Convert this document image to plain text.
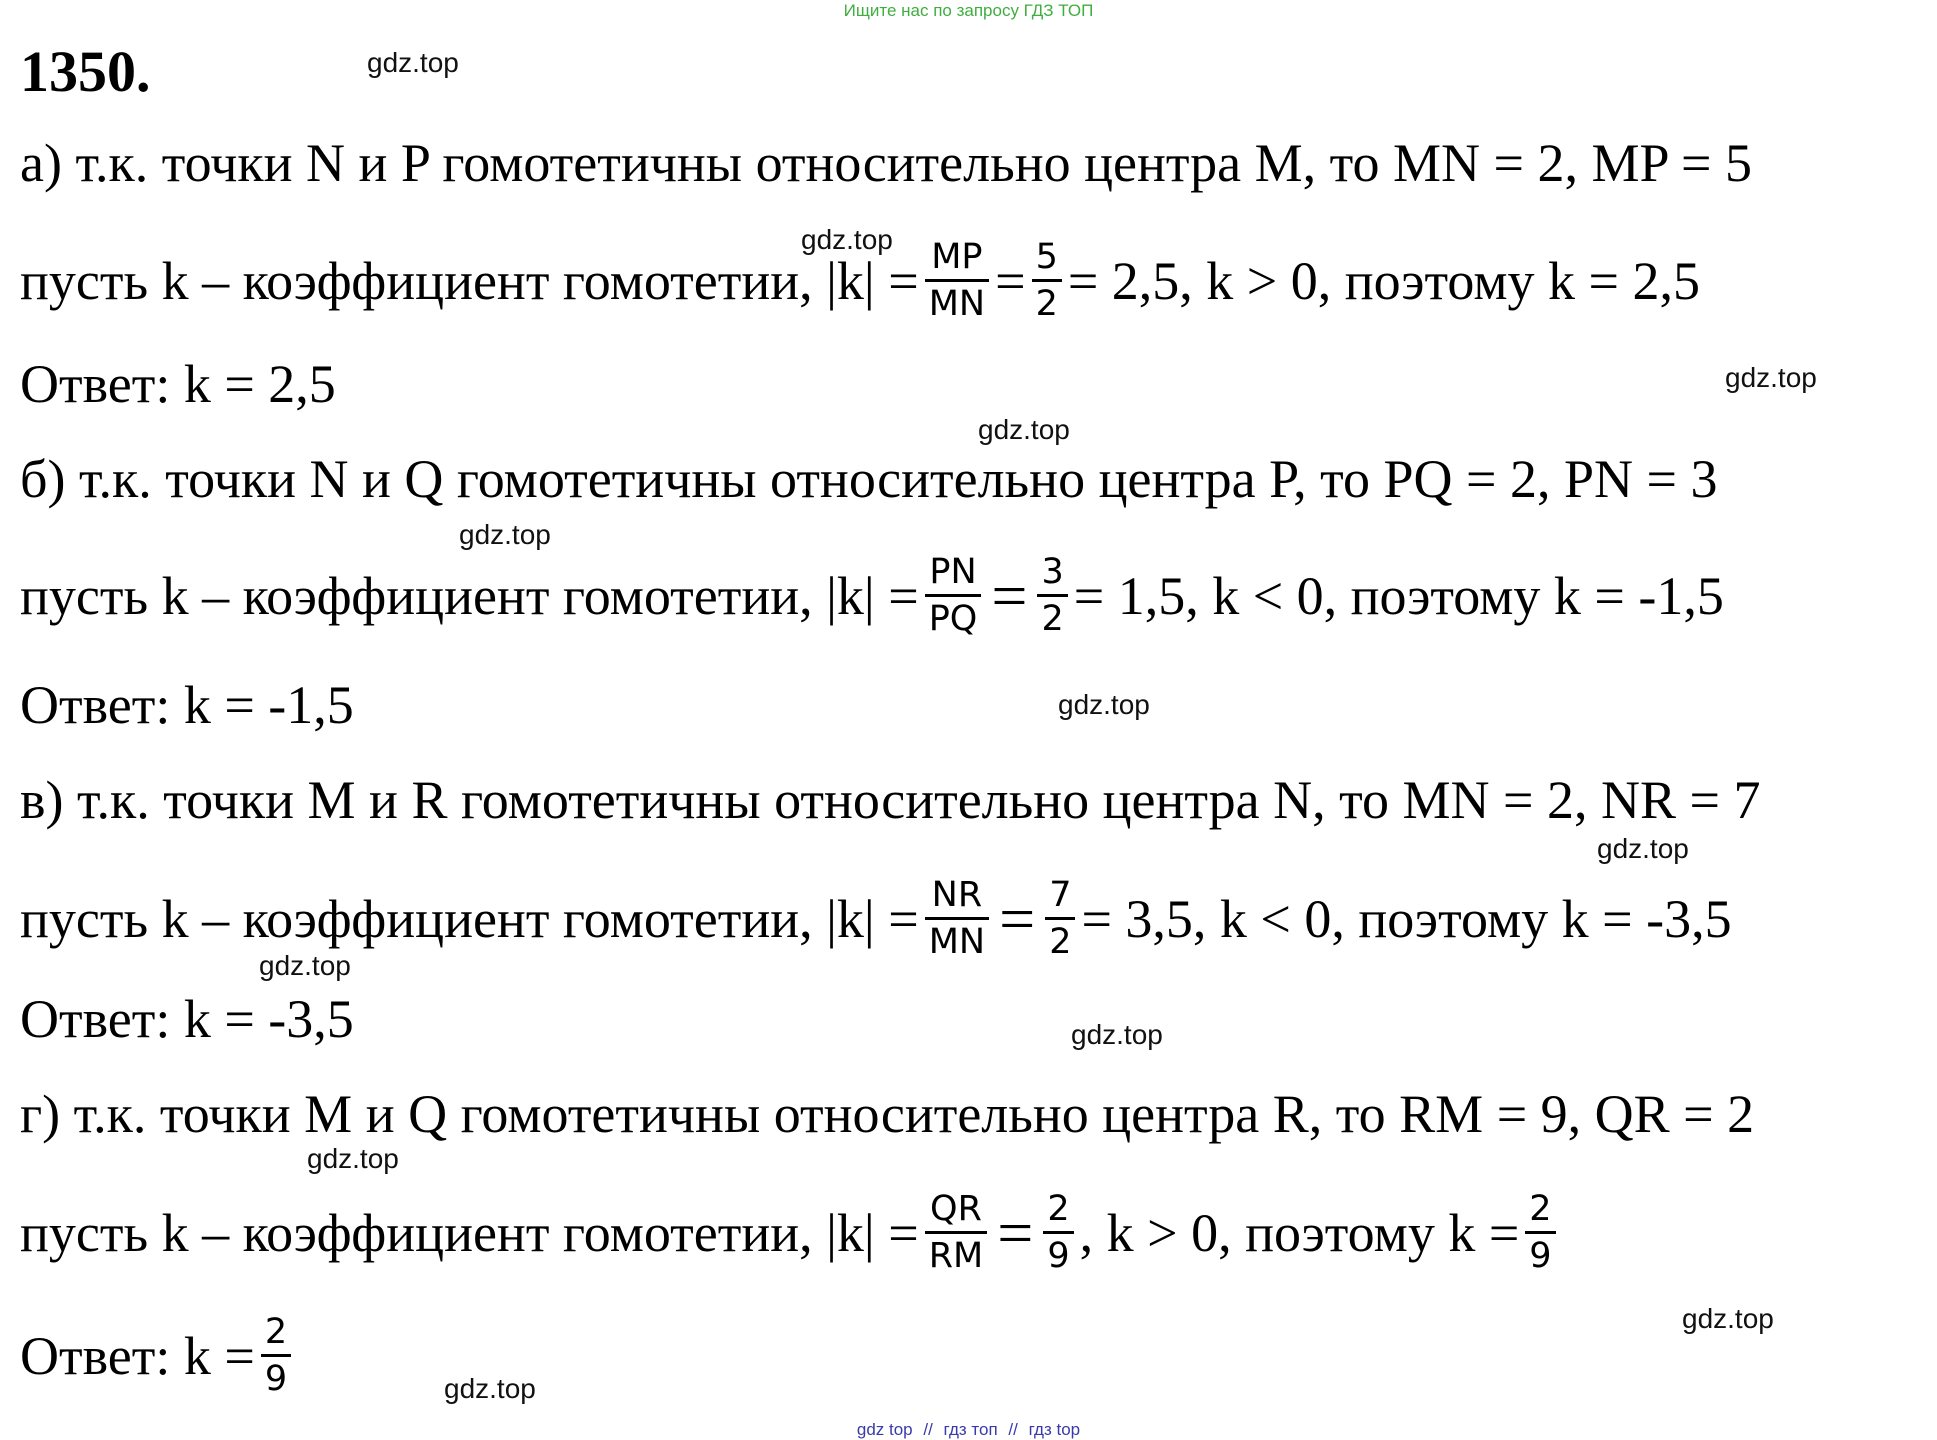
Ищите нас по запросу ГДЗ ТОП
1350.
а) т.к. точки N и P гомотетичны относительно центра M, то MN = 2, MP = 5
пусть k – коэффициент гомотетии, $|k| = \frac{MP}{MN} = \frac{5}{2} = 2,5$, k > 0, поэтому k = 2,5
Ответ: k = 2,5
б) т.к. точки N и Q гомотетичны относительно центра P, то PQ = 2, PN = 3
пусть k – коэффициент гомотетии, $|k| = \frac{PN}{PQ} = \frac{3}{2} = 1,5$, k < 0, поэтому k = -1,5
Ответ: k = -1,5
в) т.к. точки M и R гомотетичны относительно центра N, то MN = 2, NR = 7
пусть k – коэффициент гомотетии, $|k| = \frac{NR}{MN} = \frac{7}{2} = 3,5$, k < 0, поэтому k = -3,5
Ответ: k = -3,5
г) т.к. точки M и Q гомотетичны относительно центра R, то RM = 9, QR = 2
пусть k – коэффициент гомотетии, $|k| = \frac{QR}{RM} = \frac{2}{9}$ , k > 0, поэтому $k = \frac{2}{9}$
Ответ: $k = \frac{2}{9}$
gdz.top
gdz.top
gdz.top
gdz.top
gdz.top
gdz.top
gdz.top
gdz.top
gdz.top
gdz.top
gdz.top
gdz.top
gdz top // гдз топ // гдз top
